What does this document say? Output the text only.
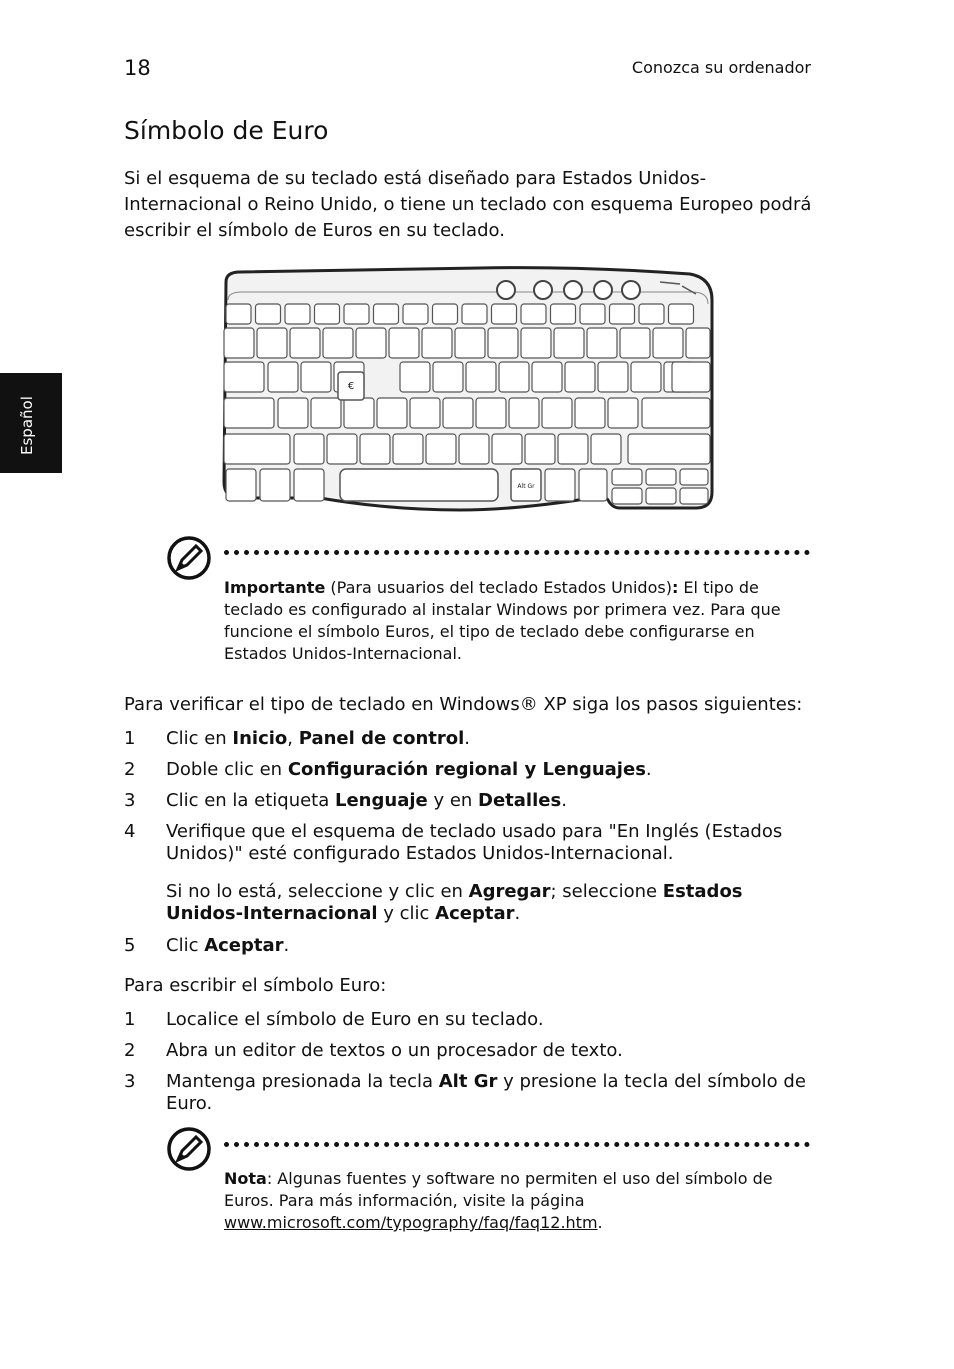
18	Conozca su ordenador
Español
Símbolo de Euro
Si el esquema de su teclado está diseñado para Estados Unidos-Internacional o Reino Unido, o tiene un teclado con esquema Europeo podrá escribir el símbolo de Euros en su teclado.
€
Alt Gr
Importante (Para usuarios del teclado Estados Unidos): El tipo de teclado es configurado al instalar Windows por primera vez. Para que funcione el símbolo Euros, el tipo de teclado debe configurarse en Estados Unidos-Internacional.
Para verificar el tipo de teclado en Windows® XP siga los pasos siguientes:

1 Clic en Inicio, Panel de control.

2 Doble clic en Configuración regional y Lenguajes.

3 Clic en la etiqueta Lenguaje y en Detalles.

4 Verifique que el esquema de teclado usado para "En Inglés (Estados Unidos)" esté configurado Estados Unidos-Internacional.

Si no lo está, seleccione y clic en Agregar; seleccione Estados Unidos-Internacional y clic Aceptar.

5 Clic Aceptar.

Para escribir el símbolo Euro:

1 Localice el símbolo de Euro en su teclado.

2 Abra un editor de textos o un procesador de texto.

3 Mantenga presionada la tecla Alt Gr y presione la tecla del símbolo de Euro.

Nota: Algunas fuentes y software no permiten el uso del símbolo de Euros. Para más información, visite la página www.microsoft.com/typography/faq/faq12.htm.
